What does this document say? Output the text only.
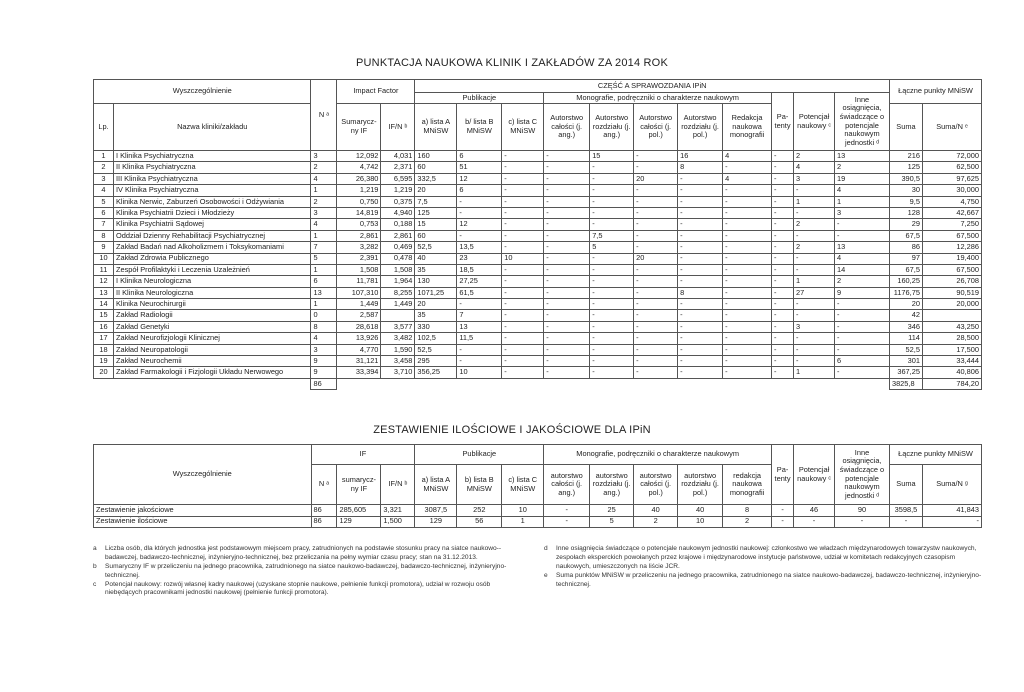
PUNKTACJA NAUKOWA KLINIK I ZAKŁADÓW ZA 2014 ROK
Wyszczególnienie		N ᵃ	Impact Factor		CZĘŚĆ A SPRAWOZDANIA IPiN											Łączne punkty MNiSW	
					Publikacje			Monografie, podręczniki o charakterze naukowym					Pa-tenty	Potencjał naukowy ᶜ	Inne osiągnięcia, świadczące o potencjale naukowym jednostki ᵈ		
Lp.	Nazwa kliniki/zakładu		Sumarycz-ny IF	IF/N ᵇ	a) lista A MNiSW	b/ lista B MNiSW	c) lista C MNiSW	Autorstwo całości (j. ang.)	Autorstwo rozdziału (j. ang.)	Autorstwo całości (j. pol.)	Autorstwo rozdziału (j. pol.)	Redakcja naukowa monografii				Suma	Suma/N ᵉ
1	I Klinika Psychiatryczna	3	12,092	4,031	160	6	-	-	15	-	16	4	-	2	13	216	72,000
2	II Klinika Psychiatryczna	2	4,742	2,371	60	51	-	-	-	-	8	-	-	4	2	125	62,500
3	III Klinika Psychiatryczna	4	26,380	6,595	332,5	12	-	-	-	20	-	4	-	3	19	390,5	97,625
4	IV Klinika Psychiatryczna	1	1,219	1,219	20	6	-	-	-	-	-	-	-	-	4	30	30,000
5	Klinika Nerwic, Zaburzeń Osobowości i Odżywiania	2	0,750	0,375	7,5	-	-	-	-	-	-	-	-	1	1	9,5	4,750
6	Klinika Psychiatrii Dzieci i Młodzieży	3	14,819	4,940	125	-	-	-	-	-	-	-	-	-	3	128	42,667
7	Klinika Psychiatrii Sądowej	4	0,753	0,188	15	12	-	-	-	-	-	-	-	2	-	29	7,250
8	Oddział Dzienny Rehabilitacji Psychiatrycznej	1	2,861	2,861	60	-	-	-	7,5	-	-	-	-	-	-	67,5	67,500
9	Zakład Badań nad Alkoholizmem i Toksykomaniami	7	3,282	0,469	52,5	13,5	-	-	5	-	-	-	-	2	13	86	12,286
10	Zakład Zdrowia Publicznego	5	2,391	0,478	40	23	10	-	-	20	-	-	-	-	4	97	19,400
11	Zespół Profilaktyki i Leczenia Uzależnień	1	1,508	1,508	35	18,5	-	-	-	-	-	-	-	-	14	67,5	67,500
12	I Klinika Neurologiczna	6	11,781	1,964	130	27,25	-	-	-	-	-	-	-	1	2	160,25	26,708
13	II Klinika Neurologiczna	13	107,310	8,255	1071,25	61,5	-	-	-	-	8	-	-	27	9	1176,75	90,519
14	Klinika Neurochirurgii	1	1,449	1,449	20	-	-	-	-	-	-	-	-	-	-	20	20,000
15	Zakład Radiologii	0	2,587		35	7	-	-	-	-	-	-	-	-	-	42	
16	Zakład Genetyki	8	28,618	3,577	330	13	-	-	-	-	-	-	-	3	-	346	43,250
17	Zakład Neurofizjologii Klinicznej	4	13,926	3,482	102,5	11,5	-	-	-	-	-	-	-	-	-	114	28,500
18	Zakład Neuropatologii	3	4,770	1,590	52,5	-	-	-	-	-	-	-	-	-	-	52,5	17,500
19	Zakład Neurochemii	9	31,121	3,458	295	-	-	-	-	-	-	-	-	-	6	301	33,444
20	Zakład Farmakologii i Fizjologii Układu Nerwowego	9	33,394	3,710	356,25	10	-	-	-	-	-	-	-	1	-	367,25	40,806
		86														3825,8	784,20
ZESTAWIENIE ILOŚCIOWE I JAKOŚCIOWE DLA IPiN
Wyszczególnienie	IF			Publikacje			Monografie, podręczniki o charakterze naukowym					Pa-tenty	Potencjał naukowy ᶜ	Inne osiągnięcia, świadczące o potencjale naukowym jednostki ᵈ	Łączne punkty MNiSW	
	N ᵃ	sumarycz-ny IF	IF/N ᵇ	a) lista A MNiSW	b) lista B MNiSW	c) lista C MNiSW	autorstwo całości (j. ang.)	autorstwo rozdziału (j. ang.)	autorstwo całości (j. pol.)	autorstwo rozdziału (j. pol.)	redakcja naukowa monografii				Suma	Suma/N ᵍ
Zestawienie jakościowe	86	285,605	3,321	3087,5	252	10	-	25	40	40	8	-	46	90	3598,5	41,843
Zestawienie ilościowe	86	129	1,500	129	56	1	-	5	2	10	2	-	-	-	-	-
a	Liczba osób, dla których jednostka jest podstawowym miejscem pracy, zatrudnionych na podstawie stosunku pracy na siatce naukowo--badawczej, badawczo-technicznej, inżynieryjno-technicznej, bez przeliczania na pełny wymiar czasu pracy; stan na 31.12.2013.
b	Sumaryczny IF w przeliczeniu na jednego pracownika, zatrudnionego na siatce naukowo-badawczej, badawczo-technicznej, inżynieryjno-technicznej.
c	Potencjał naukowy: rozwój własnej kadry naukowej (uzyskane stopnie naukowe, pełnienie funkcji promotora), udział w rozwoju osób niebędących pracownikami jednostki naukowej (pełnienie funkcji promotora).
d	Inne osiągnięcia świadczące o potencjale naukowym jednostki naukowej: członkostwo we władzach międzynarodowych towarzystw naukowych, zespołach eksperckich powołanych przez krajowe i międzynarodowe instytucje państwowe, udział w komitetach redakcyjnych czasopism naukowych, umieszczonych na liście JCR.
e	Suma punktów MNiSW w przeliczeniu na jednego pracownika, zatrudnionego na siatce naukowo-badawczej, badawczo-technicznej, inżynieryjno-technicznej.
